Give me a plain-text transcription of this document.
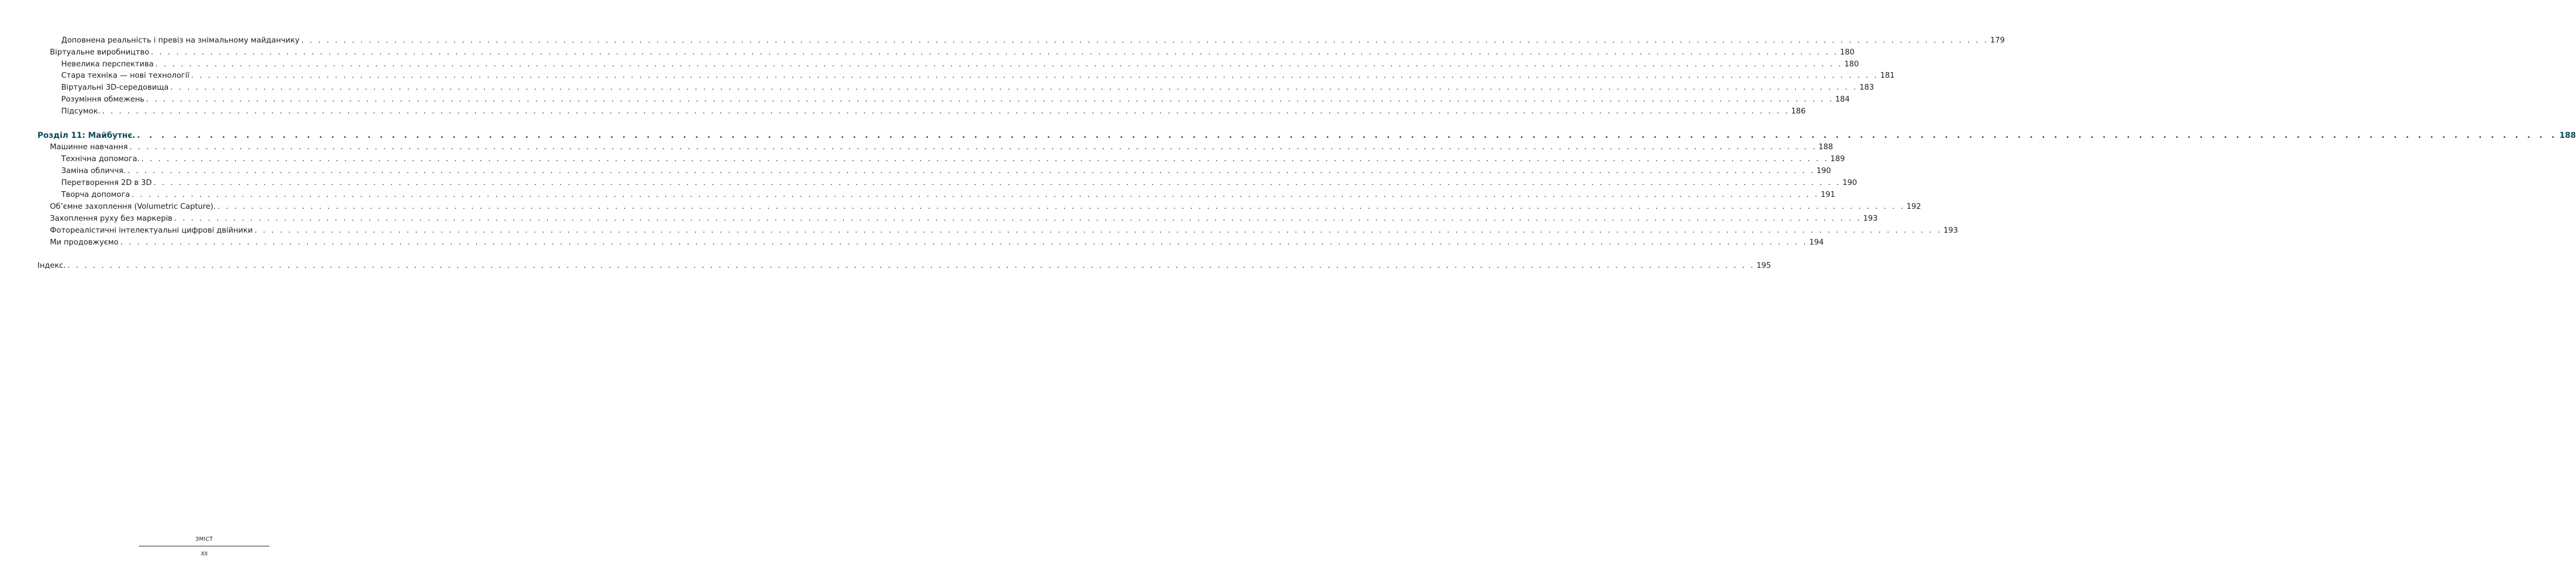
Доповнена реальність і превіз на знімальному майданчику . . . . . . . . . . . . . . . . . . . . . . . . . . . . . . . . . . . . . . . . . . . . . . . . . . . . . . . . . . . . . . . . . . . . . . . . . . . . . . . . . . . . . . . . . . . . . . . . . . . . . . . . . . . . . . . . . . . . . . . . . . . . . . . . . . . . . . . . . . . . . . . . . . . . . . . . . . . . . . . . . . . . . . . . . . . . . . . . . . . . . . . . . . . . . . . . . . . . . . . . 179
Віртуальне виробництво . . . . . . . . . . . . . . . . . . . . . . . . . . . . . . . . . . . . . . . . . . . . . . . . . . . . . . . . . . . . . . . . . . . . . . . . . . . . . . . . . . . . . . . . . . . . . . . . . . . . . . . . . . . . . . . . . . . . . . . . . . . . . . . . . . . . . . . . . . . . . . . . . . . . . . . . . . . . . . . . . . . . . . . . . . . . . . . . . . . . . . . . . . . . . . . . . . . . . . . . 180
Невелика перспектива . . . . . . . . . . . . . . . . . . . . . . . . . . . . . . . . . . . . . . . . . . . . . . . . . . . . . . . . . . . . . . . . . . . . . . . . . . . . . . . . . . . . . . . . . . . . . . . . . . . . . . . . . . . . . . . . . . . . . . . . . . . . . . . . . . . . . . . . . . . . . . . . . . . . . . . . . . . . . . . . . . . . . . . . . . . . . . . . . . . . . . . . . . . . . . . . . . . . . . . . 180
Стара техніка — нові технології . . . . . . . . . . . . . . . . . . . . . . . . . . . . . . . . . . . . . . . . . . . . . . . . . . . . . . . . . . . . . . . . . . . . . . . . . . . . . . . . . . . . . . . . . . . . . . . . . . . . . . . . . . . . . . . . . . . . . . . . . . . . . . . . . . . . . . . . . . . . . . . . . . . . . . . . . . . . . . . . . . . . . . . . . . . . . . . . . . . . . . . . . . . . . . . . . . . . . . . . 181
Віртуальні 3D-середовища . . . . . . . . . . . . . . . . . . . . . . . . . . . . . . . . . . . . . . . . . . . . . . . . . . . . . . . . . . . . . . . . . . . . . . . . . . . . . . . . . . . . . . . . . . . . . . . . . . . . . . . . . . . . . . . . . . . . . . . . . . . . . . . . . . . . . . . . . . . . . . . . . . . . . . . . . . . . . . . . . . . . . . . . . . . . . . . . . . . . . . . . . . . . . . . . . . . . . . . . 183
Розуміння обмежень . . . . . . . . . . . . . . . . . . . . . . . . . . . . . . . . . . . . . . . . . . . . . . . . . . . . . . . . . . . . . . . . . . . . . . . . . . . . . . . . . . . . . . . . . . . . . . . . . . . . . . . . . . . . . . . . . . . . . . . . . . . . . . . . . . . . . . . . . . . . . . . . . . . . . . . . . . . . . . . . . . . . . . . . . . . . . . . . . . . . . . . . . . . . . . . . . . . . . . . . 184
Підсумок. . . . . . . . . . . . . . . . . . . . . . . . . . . . . . . . . . . . . . . . . . . . . . . . . . . . . . . . . . . . . . . . . . . . . . . . . . . . . . . . . . . . . . . . . . . . . . . . . . . . . . . . . . . . . . . . . . . . . . . . . . . . . . . . . . . . . . . . . . . . . . . . . . . . . . . . . . . . . . . . . . . . . . . . . . . . . . . . . . . . . . . . . . . . . . . . . . . . . . . . . 186
Розділ 11: Майбутнє. . . . . . . . . . . . . . . . . . . . . . . . . . . . . . . . . . . . . . . . . . . . . . . . . . . . . . . . . . . . . . . . . . . . . . . . . . . . . . . . . . . . . . . . . . . . . . . . . . . . . . . . . . . . . . . . . . . . . . . . . . . . . . . . . . . . . . . . . . . . . . . . . . . . . . . . . . . . . . . . . . . . . . . . . . . . . . . . . . . . . . . . . . . . . . . . . . . . . . . . . 188
Машинне навчання . . . . . . . . . . . . . . . . . . . . . . . . . . . . . . . . . . . . . . . . . . . . . . . . . . . . . . . . . . . . . . . . . . . . . . . . . . . . . . . . . . . . . . . . . . . . . . . . . . . . . . . . . . . . . . . . . . . . . . . . . . . . . . . . . . . . . . . . . . . . . . . . . . . . . . . . . . . . . . . . . . . . . . . . . . . . . . . . . . . . . . . . . . . . . . . . . . . . . . . . 188
Технічна допомога. . . . . . . . . . . . . . . . . . . . . . . . . . . . . . . . . . . . . . . . . . . . . . . . . . . . . . . . . . . . . . . . . . . . . . . . . . . . . . . . . . . . . . . . . . . . . . . . . . . . . . . . . . . . . . . . . . . . . . . . . . . . . . . . . . . . . . . . . . . . . . . . . . . . . . . . . . . . . . . . . . . . . . . . . . . . . . . . . . . . . . . . . . . . . . . . . . . . . . . . . 189
Заміна обличчя. . . . . . . . . . . . . . . . . . . . . . . . . . . . . . . . . . . . . . . . . . . . . . . . . . . . . . . . . . . . . . . . . . . . . . . . . . . . . . . . . . . . . . . . . . . . . . . . . . . . . . . . . . . . . . . . . . . . . . . . . . . . . . . . . . . . . . . . . . . . . . . . . . . . . . . . . . . . . . . . . . . . . . . . . . . . . . . . . . . . . . . . . . . . . . . . . . . . . . . . . 190
Перетворення 2D в 3D . . . . . . . . . . . . . . . . . . . . . . . . . . . . . . . . . . . . . . . . . . . . . . . . . . . . . . . . . . . . . . . . . . . . . . . . . . . . . . . . . . . . . . . . . . . . . . . . . . . . . . . . . . . . . . . . . . . . . . . . . . . . . . . . . . . . . . . . . . . . . . . . . . . . . . . . . . . . . . . . . . . . . . . . . . . . . . . . . . . . . . . . . . . . . . . . . . . . . . . . 190
Творча допомога . . . . . . . . . . . . . . . . . . . . . . . . . . . . . . . . . . . . . . . . . . . . . . . . . . . . . . . . . . . . . . . . . . . . . . . . . . . . . . . . . . . . . . . . . . . . . . . . . . . . . . . . . . . . . . . . . . . . . . . . . . . . . . . . . . . . . . . . . . . . . . . . . . . . . . . . . . . . . . . . . . . . . . . . . . . . . . . . . . . . . . . . . . . . . . . . . . . . . . . . 191
Об’ємне захоплення (Volumetric Capture). . . . . . . . . . . . . . . . . . . . . . . . . . . . . . . . . . . . . . . . . . . . . . . . . . . . . . . . . . . . . . . . . . . . . . . . . . . . . . . . . . . . . . . . . . . . . . . . . . . . . . . . . . . . . . . . . . . . . . . . . . . . . . . . . . . . . . . . . . . . . . . . . . . . . . . . . . . . . . . . . . . . . . . . . . . . . . . . . . . . . . . . . . . . . . . . . . . . . . . . . 192
Захоплення руху без маркерів . . . . . . . . . . . . . . . . . . . . . . . . . . . . . . . . . . . . . . . . . . . . . . . . . . . . . . . . . . . . . . . . . . . . . . . . . . . . . . . . . . . . . . . . . . . . . . . . . . . . . . . . . . . . . . . . . . . . . . . . . . . . . . . . . . . . . . . . . . . . . . . . . . . . . . . . . . . . . . . . . . . . . . . . . . . . . . . . . . . . . . . . . . . . . . . . . . . . . . . . 193
Фотореалістичні інтелектуальні цифрові двійники . . . . . . . . . . . . . . . . . . . . . . . . . . . . . . . . . . . . . . . . . . . . . . . . . . . . . . . . . . . . . . . . . . . . . . . . . . . . . . . . . . . . . . . . . . . . . . . . . . . . . . . . . . . . . . . . . . . . . . . . . . . . . . . . . . . . . . . . . . . . . . . . . . . . . . . . . . . . . . . . . . . . . . . . . . . . . . . . . . . . . . . . . . . . . . . . . . . . . . . . 193
Ми продовжуємо . . . . . . . . . . . . . . . . . . . . . . . . . . . . . . . . . . . . . . . . . . . . . . . . . . . . . . . . . . . . . . . . . . . . . . . . . . . . . . . . . . . . . . . . . . . . . . . . . . . . . . . . . . . . . . . . . . . . . . . . . . . . . . . . . . . . . . . . . . . . . . . . . . . . . . . . . . . . . . . . . . . . . . . . . . . . . . . . . . . . . . . . . . . . . . . . . . . . . . . . 194
Індекс. . . . . . . . . . . . . . . . . . . . . . . . . . . . . . . . . . . . . . . . . . . . . . . . . . . . . . . . . . . . . . . . . . . . . . . . . . . . . . . . . . . . . . . . . . . . . . . . . . . . . . . . . . . . . . . . . . . . . . . . . . . . . . . . . . . . . . . . . . . . . . . . . . . . . . . . . . . . . . . . . . . . . . . . . . . . . . . . . . . . . . . . . . . . . . . . . . . . . . . . . 195
ЗМІСТ
XII
